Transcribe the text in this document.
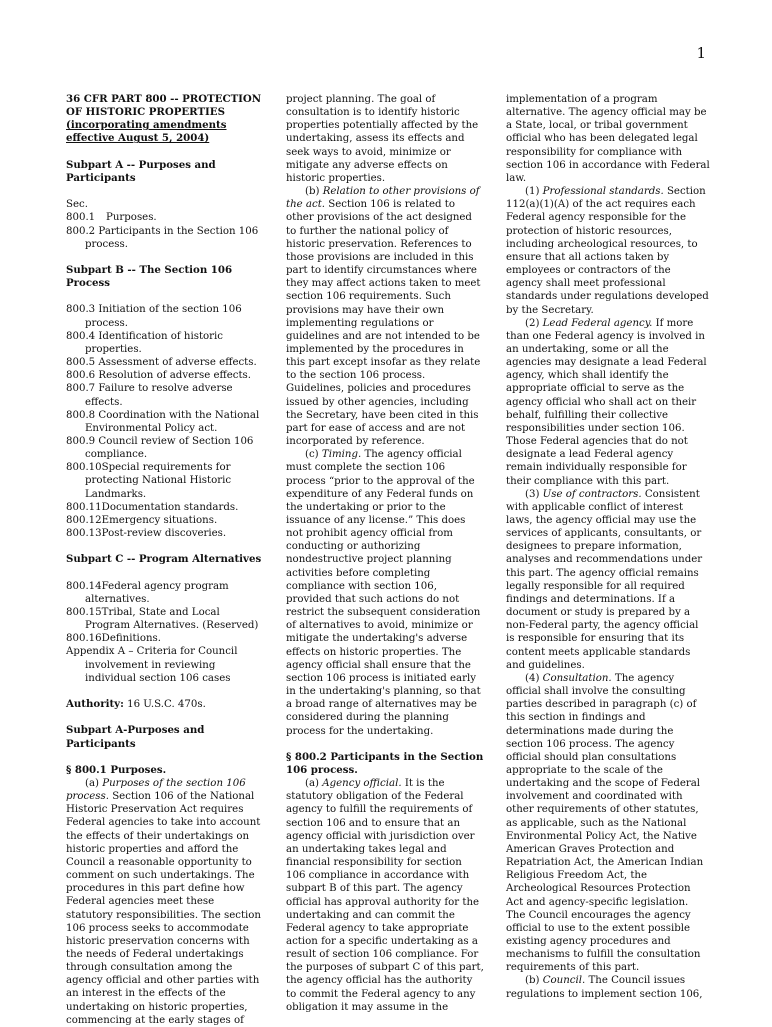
1

36 CFR PART 800 -- PROTECTION OF HISTORIC PROPERTIES (incorporating amendments effective August 5, 2004)

Subpart A -- Purposes and Participants

Sec.

800.1	Purposes.

800.2 Participants in the Section 106 process.

Subpart B -- The Section 106 Process

800.3 Initiation of the section 106 process.

800.4 Identification of historic properties.

800.5 Assessment of adverse effects.

800.6 Resolution of adverse effects.

800.7 Failure to resolve adverse effects.

800.8 Coordination with the National Environmental Policy act.

800.9 Council review of Section 106 compliance.

800.10Special requirements for protecting National Historic Landmarks.

800.11Documentation standards.

800.12Emergency situations.

800.13Post-review discoveries.

Subpart C -- Program Alternatives

800.14Federal agency program alternatives.

800.15Tribal, State and Local Program Alternatives. (Reserved)

800.16Definitions.

Appendix A – Criteria for Council involvement in reviewing individual section 106 cases

Authority: 16 U.S.C. 470s.

Subpart A-Purposes and Participants

§ 800.1 Purposes.

(a) Purposes of the section 106 process. Section 106 of the National Historic Preservation Act requires Federal agencies to take into account the effects of their undertakings on historic properties and afford the Council a reasonable opportunity to comment on such undertakings. The procedures in this part define how Federal agencies meet these statutory responsibilities. The section 106 process seeks to accommodate historic preservation concerns with the needs of Federal undertakings through consultation among the agency official and other parties with an interest in the effects of the undertaking on historic properties, commencing at the early stages of

project planning. The goal of consultation is to identify historic properties potentially affected by the undertaking, assess its effects and seek ways to avoid, minimize or mitigate any adverse effects on historic properties.

(b) Relation to other provisions of the act. Section 106 is related to other provisions of the act designed to further the national policy of historic preservation. References to those provisions are included in this part to identify circumstances where they may affect actions taken to meet section 106 requirements. Such provisions may have their own implementing regulations or guidelines and are not intended to be implemented by the procedures in this part except insofar as they relate to the section 106 process. Guidelines, policies and procedures issued by other agencies, including the Secretary, have been cited in this part for ease of access and are not incorporated by reference.

(c) Timing. The agency official must complete the section 106 process “prior to the approval of the expenditure of any Federal funds on the undertaking or prior to the issuance of any license.” This does not prohibit agency official from conducting or authorizing nondestructive project planning activities before completing compliance with section 106, provided that such actions do not restrict the subsequent consideration of alternatives to avoid, minimize or mitigate the undertaking's adverse effects on historic properties. The agency official shall ensure that the section 106 process is initiated early in the undertaking's planning, so that a broad range of alternatives may be considered during the planning process for the undertaking.

§ 800.2 Participants in the Section 106 process.

(a) Agency official. It is the statutory obligation of the Federal agency to fulfill the requirements of section 106 and to ensure that an agency official with jurisdiction over an undertaking takes legal and financial responsibility for section 106 compliance in accordance with subpart B of this part. The agency official has approval authority for the undertaking and can commit the Federal agency to take appropriate action for a specific undertaking as a result of section 106 compliance. For the purposes of subpart C of this part, the agency official has the authority to commit the Federal agency to any obligation it may assume in the

implementation of a program alternative. The agency official may be a State, local, or tribal government official who has been delegated legal responsibility for compliance with section 106 in accordance with Federal law.

(1) Professional standards. Section 112(a)(1)(A) of the act requires each Federal agency responsible for the protection of historic resources, including archeological resources, to ensure that all actions taken by employees or contractors of the agency shall meet professional standards under regulations developed by the Secretary.

(2) Lead Federal agency. If more than one Federal agency is involved in an undertaking, some or all the agencies may designate a lead Federal agency, which shall identify the appropriate official to serve as the agency official who shall act on their behalf, fulfilling their collective responsibilities under section 106. Those Federal agencies that do not designate a lead Federal agency remain individually responsible for their compliance with this part.

(3) Use of contractors. Consistent with applicable conflict of interest laws, the agency official may use the services of applicants, consultants, or designees to prepare information, analyses and recommendations under this part. The agency official remains legally responsible for all required findings and determinations. If a document or study is prepared by a non-Federal party, the agency official is responsible for ensuring that its content meets applicable standards and guidelines.

(4) Consultation. The agency official shall involve the consulting parties described in paragraph (c) of this section in findings and determinations made during the section 106 process. The agency official should plan consultations appropriate to the scale of the undertaking and the scope of Federal involvement and coordinated with other requirements of other statutes, as applicable, such as the National Environmental Policy Act, the Native American Graves Protection and Repatriation Act, the American Indian Religious Freedom Act, the Archeological Resources Protection Act and agency-specific legislation. The Council encourages the agency official to use to the extent possible existing agency procedures and mechanisms to fulfill the consultation requirements of this part.

(b) Council. The Council issues regulations to implement section 106,
